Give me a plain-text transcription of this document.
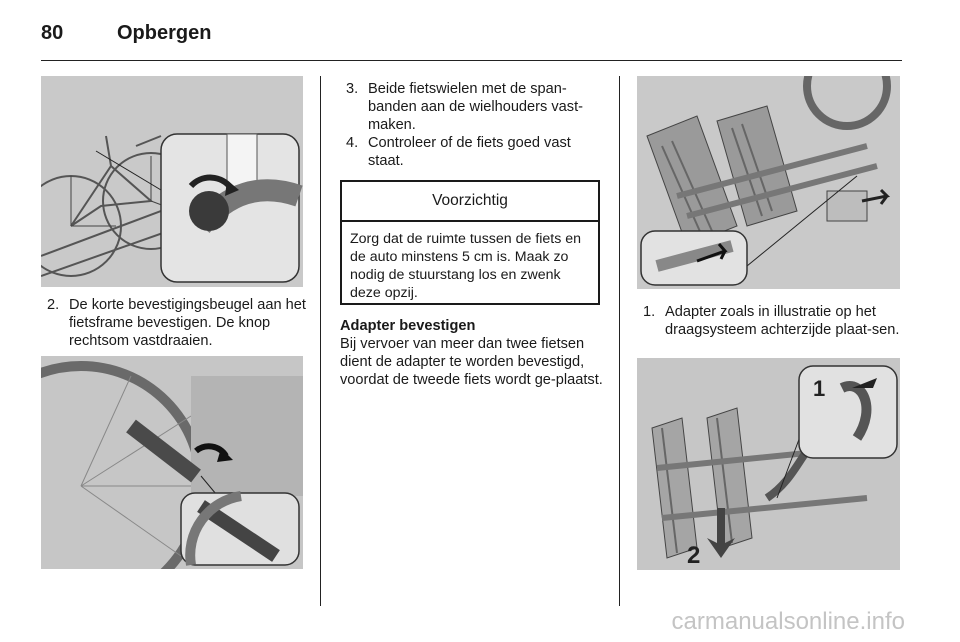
80	Opbergen
2. De korte bevestigingsbeugel aan het fietsframe bevestigen. De knop rechtsom vastdraaien.
3. Beide fietswielen met de span-banden aan de wielhouders vast-maken.
4. Controleer of de fiets goed vast staat.
Voorzichtig
Zorg dat de ruimte tussen de fiets en de auto minstens 5 cm is. Maak zo nodig de stuurstang los en zwenk deze opzij.
Adapter bevestigen
Bij vervoer van meer dan twee fietsen dient de adapter te worden bevestigd, voordat de tweede fiets wordt ge-plaatst.
1. Adapter zoals in illustratie op het draagsysteem achterzijde plaat-sen.
1
2
carmanualsonline.info
